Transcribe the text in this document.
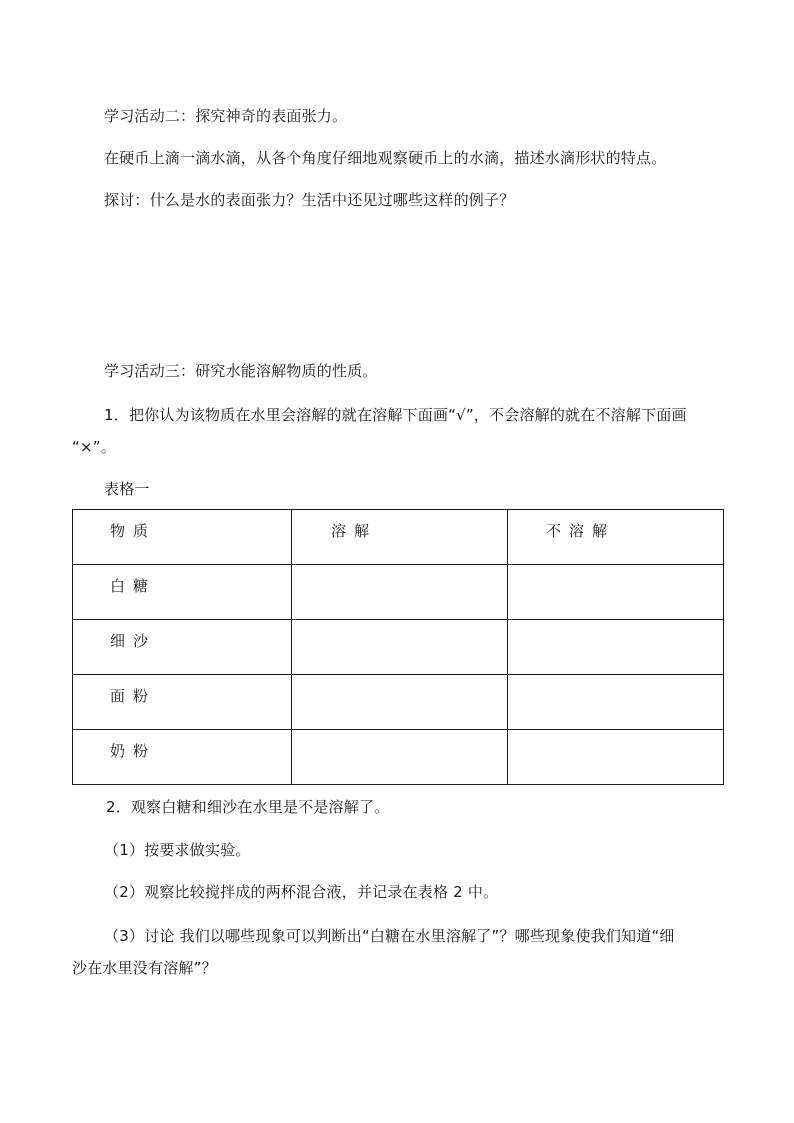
学习活动二：探究神奇的表面张力。
在硬币上滴一滴水滴，从各个角度仔细地观察硬币上的水滴，描述水滴形状的特点。
探讨：什么是水的表面张力？生活中还见过哪些这样的例子？
学习活动三：研究水能溶解物质的性质。
1．把你认为该物质在水里会溶解的就在溶解下面画“√”，不会溶解的就在不溶解下面画
“×”。
表格一
物质	溶解	不溶解

白糖		

细沙		

面粉		

奶粉		

2．观察白糖和细沙在水里是不是溶解了。
（1）按要求做实验。
（2）观察比较搅拌成的两杯混合液，并记录在表格 2 中。
（3）讨论 我们以哪些现象可以判断出“白糖在水里溶解了”？哪些现象使我们知道“细
沙在水里没有溶解”？
